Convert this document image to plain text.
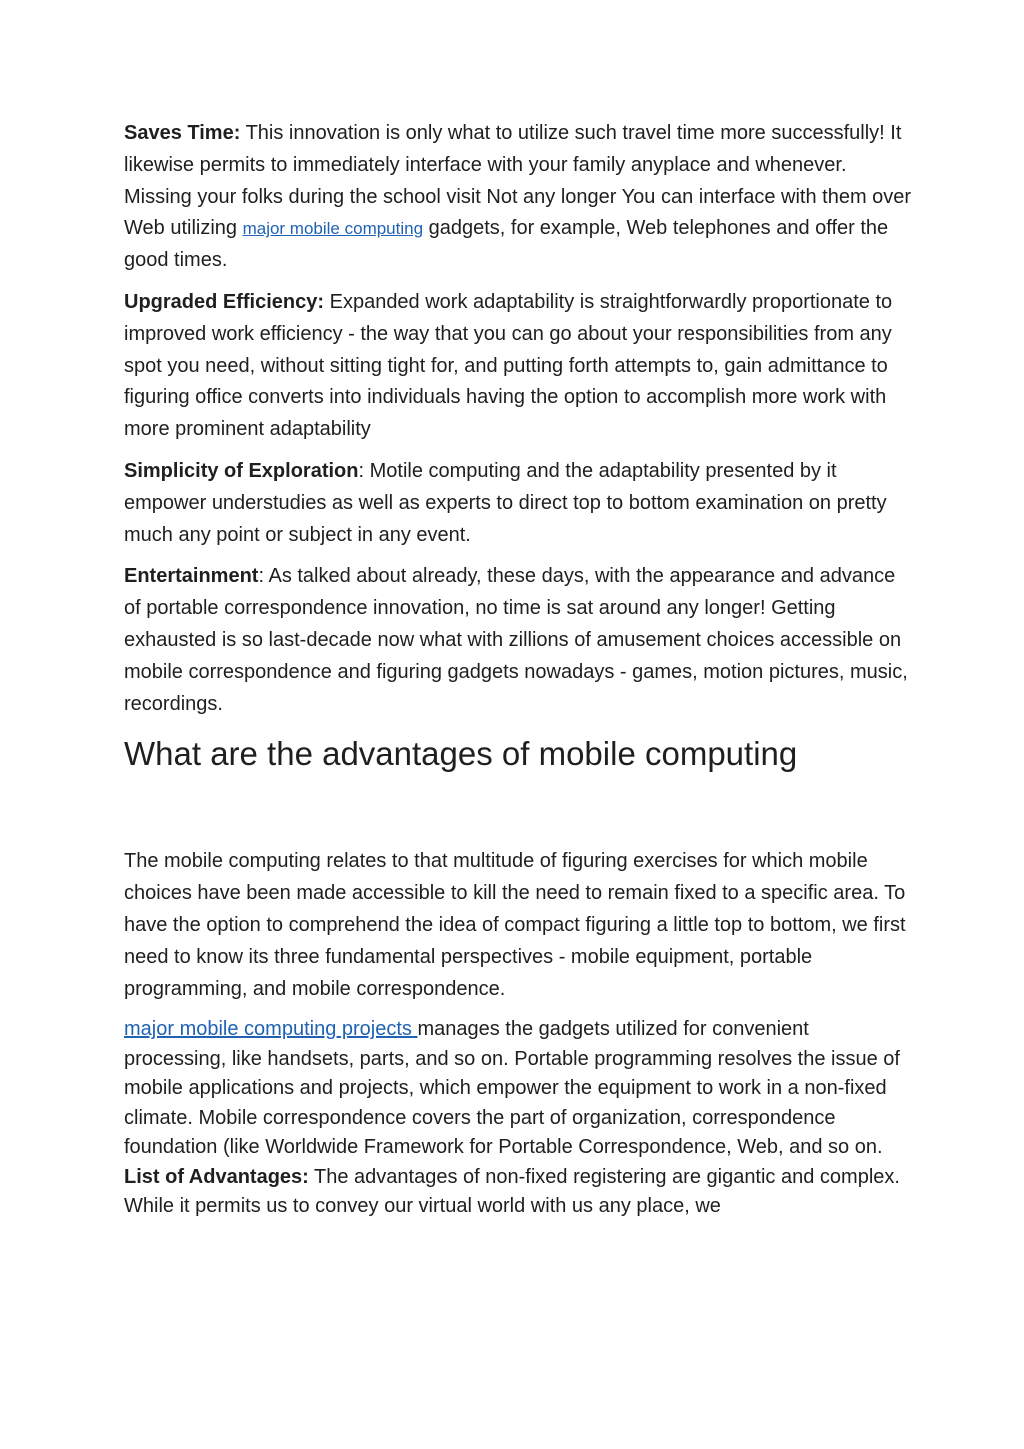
Saves Time: This innovation is only what to utilize such travel time more successfully! It likewise permits to immediately interface with your family anyplace and whenever. Missing your folks during the school visit Not any longer You can interface with them over Web utilizing major mobile computing gadgets, for example, Web telephones and offer the good times.

Upgraded Efficiency: Expanded work adaptability is straightforwardly proportionate to improved work efficiency - the way that you can go about your responsibilities from any spot you need, without sitting tight for, and putting forth attempts to, gain admittance to figuring office converts into individuals having the option to accomplish more work with more prominent adaptability

Simplicity of Exploration: Motile computing and the adaptability presented by it empower understudies as well as experts to direct top to bottom examination on pretty much any point or subject in any event.

Entertainment: As talked about already, these days, with the appearance and advance of portable correspondence innovation, no time is sat around any longer! Getting exhausted is so last-decade now what with zillions of amusement choices accessible on mobile correspondence and figuring gadgets nowadays - games, motion pictures, music, recordings.

What are the advantages of mobile computing

The mobile computing relates to that multitude of figuring exercises for which mobile choices have been made accessible to kill the need to remain fixed to a specific area. To have the option to comprehend the idea of compact figuring a little top to bottom, we first need to know its three fundamental perspectives - mobile equipment, portable programming, and mobile correspondence.

major mobile computing projects manages the gadgets utilized for convenient processing, like handsets, parts, and so on. Portable programming resolves the issue of mobile applications and projects, which empower the equipment to work in a non-fixed climate. Mobile correspondence covers the part of organization, correspondence foundation (like Worldwide Framework for Portable Correspondence, Web, and so on.

List of Advantages: The advantages of non-fixed registering are gigantic and complex. While it permits us to convey our virtual world with us any place, we
